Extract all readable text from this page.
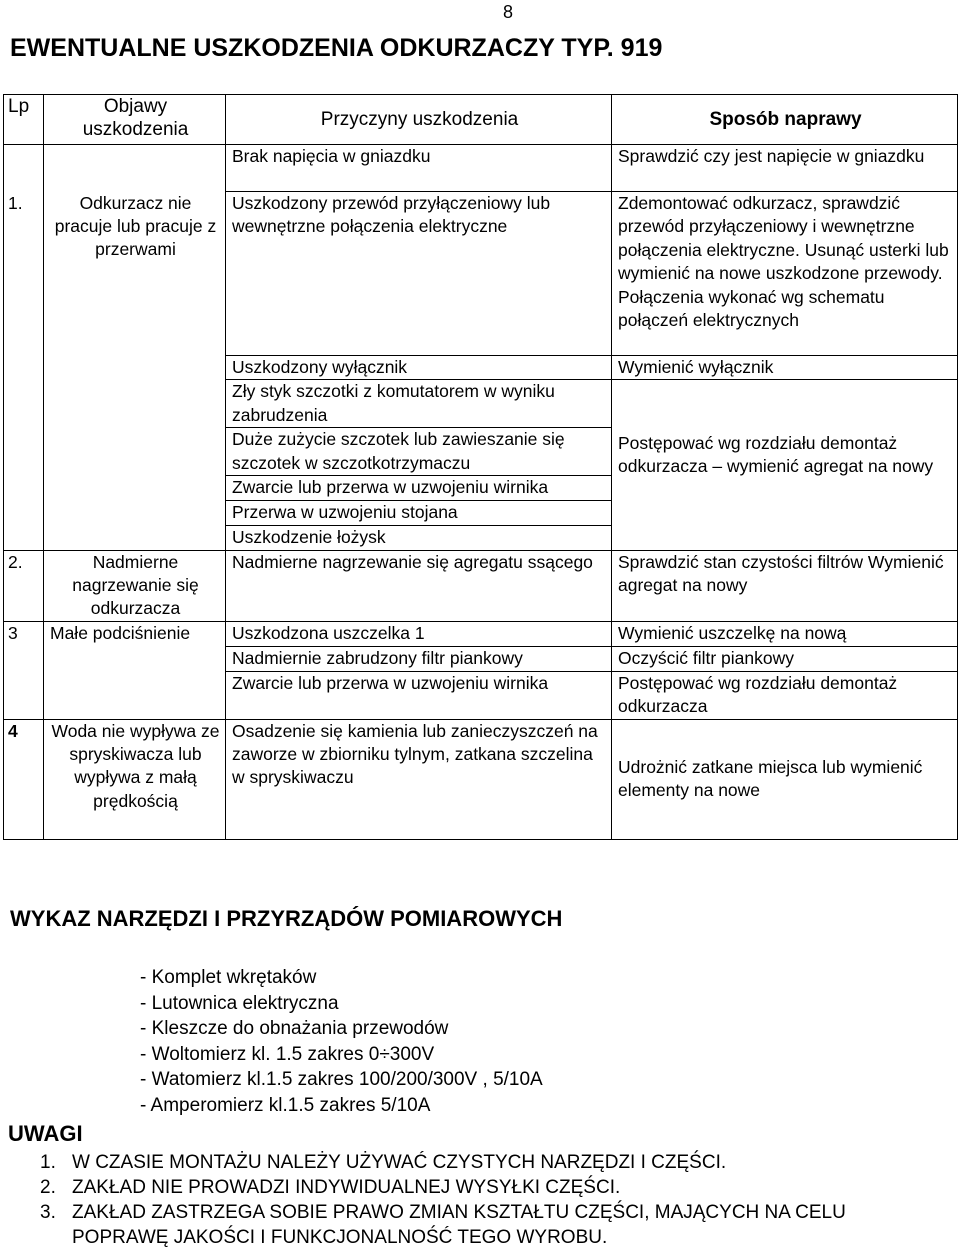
8
EWENTUALNE USZKODZENIA ODKURZACZY TYP. 919
Lp	Objawy uszkodzenia	Przyczyny uszkodzenia	Sposób naprawy
		Brak napięcia w gniazdku	Sprawdzić czy jest napięcie w gniazdku
1.	Odkurzacz nie pracuje lub pracuje z przerwami	Uszkodzony przewód przyłączeniowy lub wewnętrzne połączenia elektryczne	Zdemontować odkurzacz, sprawdzić przewód przyłączeniowy i wewnętrzne połączenia elektryczne. Usunąć usterki lub wymienić na nowe uszkodzone przewody. Połączenia wykonać wg schematu połączeń elektrycznych
		Uszkodzony wyłącznik	Wymienić wyłącznik
		Zły styk szczotki z komutatorem w wyniku zabrudzenia	Postępować wg rozdziału demontaż odkurzacza – wymienić agregat na nowy
		Duże zużycie szczotek lub zawieszanie się szczotek w szczotkotrzymaczu	
		Zwarcie lub przerwa w uzwojeniu wirnika	
		Przerwa w uzwojeniu stojana	
		Uszkodzenie łożysk	
2.	Nadmierne nagrzewanie się odkurzacza	Nadmierne nagrzewanie się agregatu ssącego	Sprawdzić stan czystości filtrów Wymienić agregat na nowy
3	Małe podciśnienie	Uszkodzona uszczelka 1	Wymienić uszczelkę na nową
		Nadmiernie zabrudzony filtr piankowy	Oczyścić filtr piankowy
		Zwarcie lub przerwa w uzwojeniu wirnika	Postępować wg rozdziału demontaż odkurzacza
4	Woda nie wypływa ze spryskiwacza lub wypływa z małą prędkością	Osadzenie się kamienia lub zanieczyszczeń na zaworze w zbiorniku tylnym, zatkana szczelina w spryskiwaczu	Udrożnić zatkane miejsca lub wymienić elementy na nowe
WYKAZ NARZĘDZI I PRZYRZĄDÓW POMIAROWYCH
- Komplet wkrętaków
- Lutownica elektryczna
- Kleszcze do obnażania przewodów
- Woltomierz kl. 1.5 zakres 0÷300V
- Watomierz kl.1.5 zakres 100/200/300V , 5/10A
- Amperomierz kl.1.5 zakres 5/10A
UWAGI
1. W CZASIE MONTAŻU NALEŻY UŻYWAĆ CZYSTYCH NARZĘDZI I CZĘŚCI.
2. ZAKŁAD NIE PROWADZI INDYWIDUALNEJ WYSYŁKI CZĘŚCI.
3. ZAKŁAD ZASTRZEGA SOBIE PRAWO ZMIAN KSZTAŁTU CZĘŚCI, MAJĄCYCH NA CELU POPRAWĘ JAKOŚCI I FUNKCJONALNOŚĆ TEGO WYROBU.
